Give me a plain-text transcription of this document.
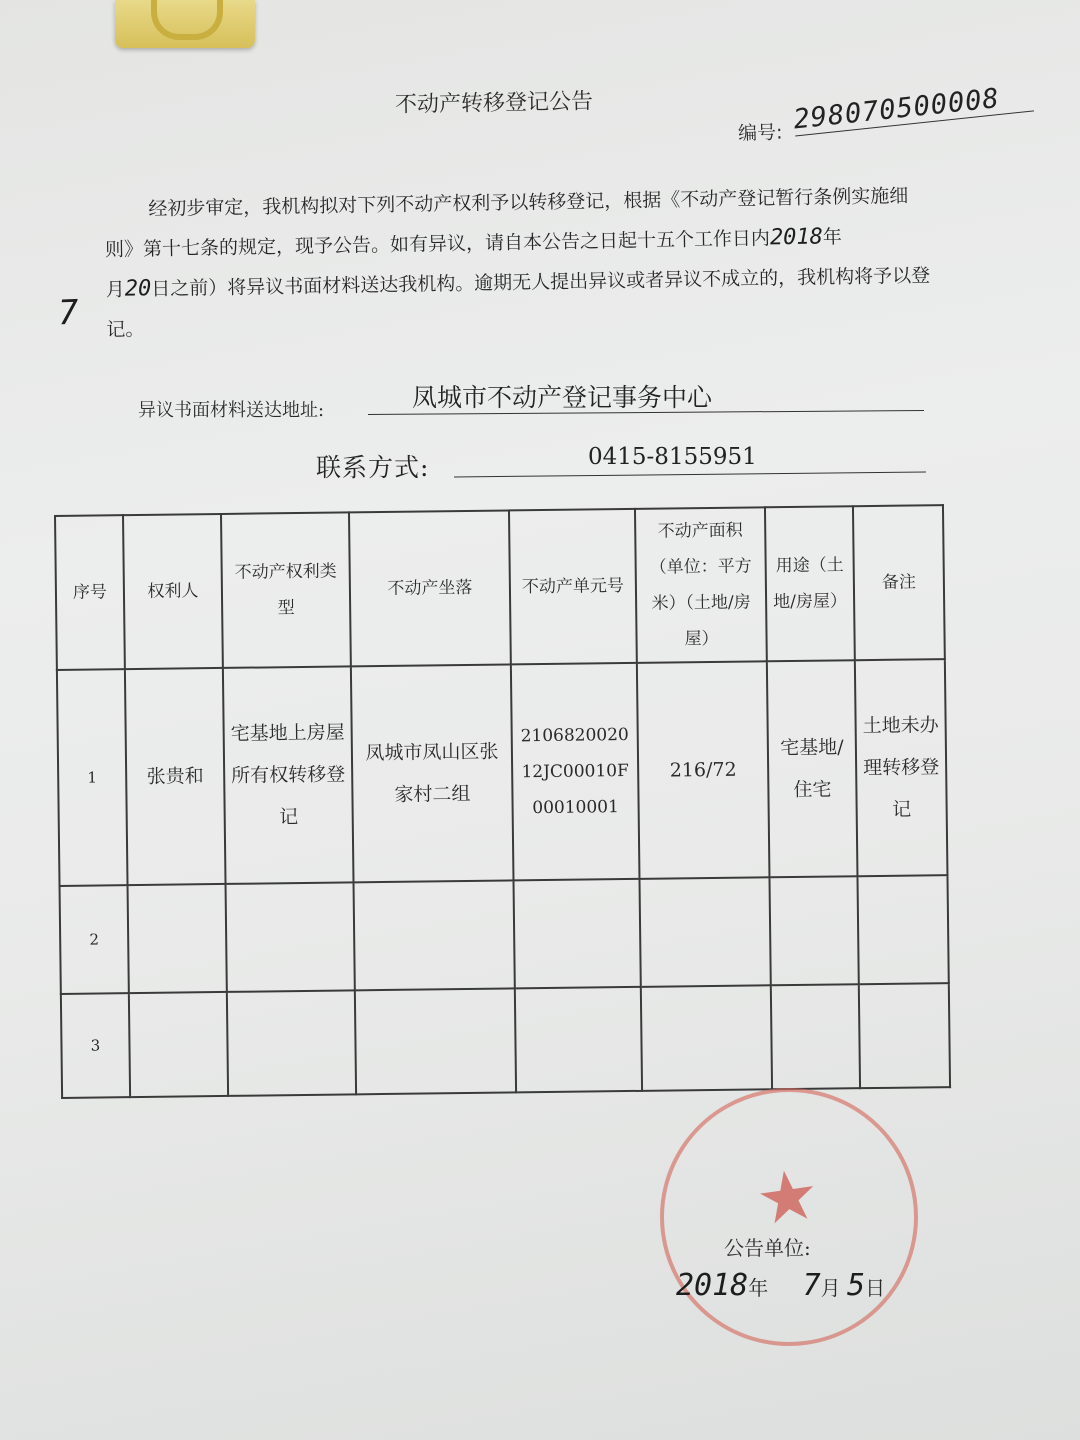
不动产转移登记公告
编号: 298070500008
经初步审定，我机构拟对下列不动产权利予以转移登记，根据《不动产登记暂行条例实施细则》第十七条的规定，现予公告。如有异议，请自本公告之日起十五个工作日内2018年
月20日之前）将异议书面材料送达我机构。逾期无人提出异议或者异议不成立的，我机构将予以登记。
7
异议书面材料送达地址:	凤城市不动产登记事务中心
联系方式:	0415-8155951
序号	权利人	不动产权利类型	不动产坐落	不动产单元号	不动产面积（单位：平方米）（土地/房屋）	用途（土地/房屋）	备注
1	张贵和	宅基地上房屋所有权转移登记	凤城市凤山区张家村二组	210682002012JC00010F00010001	216/72	宅基地/住宅	土地未办理转移登记
2							
3							
★
公告单位:
2018年 7月 5日
